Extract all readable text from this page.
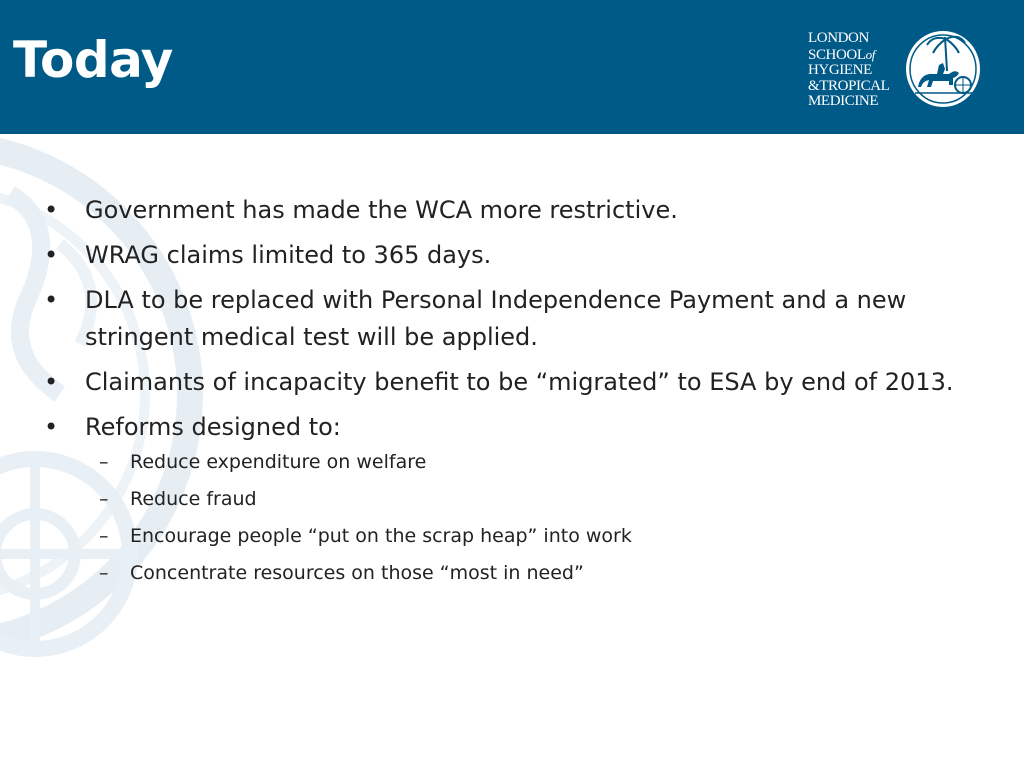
Today	LONDON
SCHOOLof
HYGIENE
&TROPICAL
MEDICINE
• Government has made the WCA more restrictive.
• WRAG claims limited to 365 days.
• DLA to be replaced with Personal Independence Payment and a new stringent medical test will be applied.
• Claimants of incapacity benefit to be “migrated” to ESA by end of 2013.
• Reforms designed to:
– Reduce expenditure on welfare
– Reduce fraud
– Encourage people “put on the scrap heap” into work
– Concentrate resources on those “most in need”
